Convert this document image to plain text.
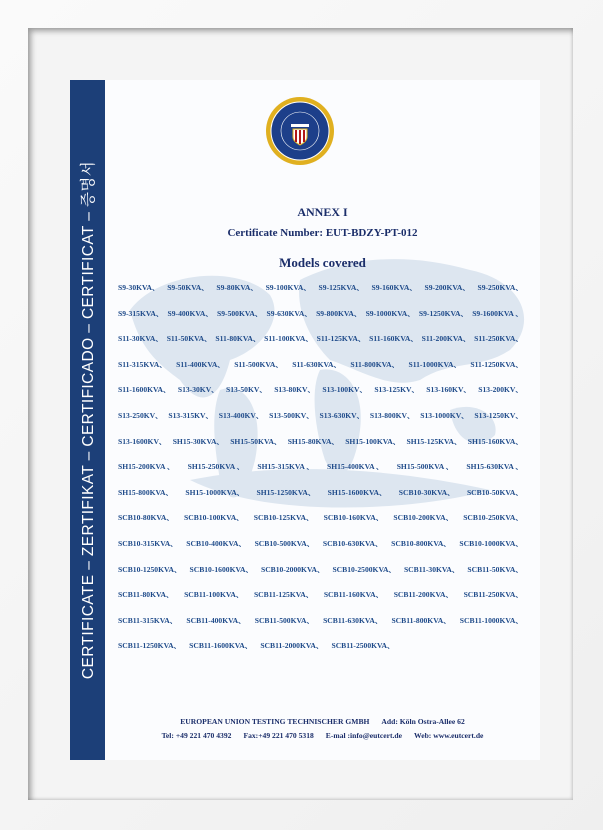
CERTIFICATE – ZERTIFIKAT – CERTIFICADO – CERTIFICAT – 증명서	ANNEX I
Certificate Number: EUT-BDZY-PT-012
Models covered
S9-30KVA、 S9-50KVA、 S9-80KVA、 S9-100KVA、 S9-125KVA、 S9-160KVA、 S9-200KVA、 S9-250KVA、
S9-315KVA、 S9-400KVA、 S9-500KVA、 S9-630KVA、 S9-800KVA、 S9-1000KVA、 S9-1250KVA、 S9-1600KVA 、
S11-30KVA、 S11-50KVA、 S11-80KVA、 S11-100KVA、 S11-125KVA、 S11-160KVA、 S11-200KVA、 S11-250KVA、
S11-315KVA、 S11-400KVA、 S11-500KVA、 S11-630KVA、 S11-800KVA、 S11-1000KVA、 S11-1250KVA、
S11-1600KVA、 S13-30KV、 S13-50KV、 S13-80KV、 S13-100KV、 S13-125KV、 S13-160KV、 S13-200KV、
S13-250KV、 S13-315KV、 S13-400KV、 S13-500KV、 S13-630KV、 S13-800KV、 S13-1000KV、 S13-1250KV、
S13-1600KV、 SH15-30KVA、 SH15-50KVA、 SH15-80KVA、 SH15-100KVA、 SH15-125KVA、 SH15-160KVA、
SH15-200KVA 、 SH15-250KVA 、 SH15-315KVA 、 SH15-400KVA 、 SH15-500KVA 、 SH15-630KVA 、
SH15-800KVA、 SH15-1000KVA、 SH15-1250KVA、 SH15-1600KVA、 SCB10-30KVA、 SCB10-50KVA、
SCB10-80KVA、 SCB10-100KVA、 SCB10-125KVA、 SCB10-160KVA、 SCB10-200KVA、 SCB10-250KVA、
SCB10-315KVA、 SCB10-400KVA、 SCB10-500KVA、 SCB10-630KVA、 SCB10-800KVA、 SCB10-1000KVA、
SCB10-1250KVA、 SCB10-1600KVA、 SCB10-2000KVA、 SCB10-2500KVA、 SCB11-30KVA、 SCB11-50KVA、
SCB11-80KVA、 SCB11-100KVA、 SCB11-125KVA、 SCB11-160KVA、 SCB11-200KVA、 SCB11-250KVA、
SCB11-315KVA、 SCB11-400KVA、 SCB11-500KVA、 SCB11-630KVA、 SCB11-800KVA、 SCB11-1000KVA、
SCB11-1250KVA、 SCB11-1600KVA、 SCB11-2000KVA、 SCB11-2500KVA、
EUROPEAN UNION TESTING TECHNISCHER GMBH Add: Köln Ostra-Allee 62
Tel: +49 221 470 4392 Fax:+49 221 470 5318 E-mal :info@eutcert.de Web: www.eutcert.de
